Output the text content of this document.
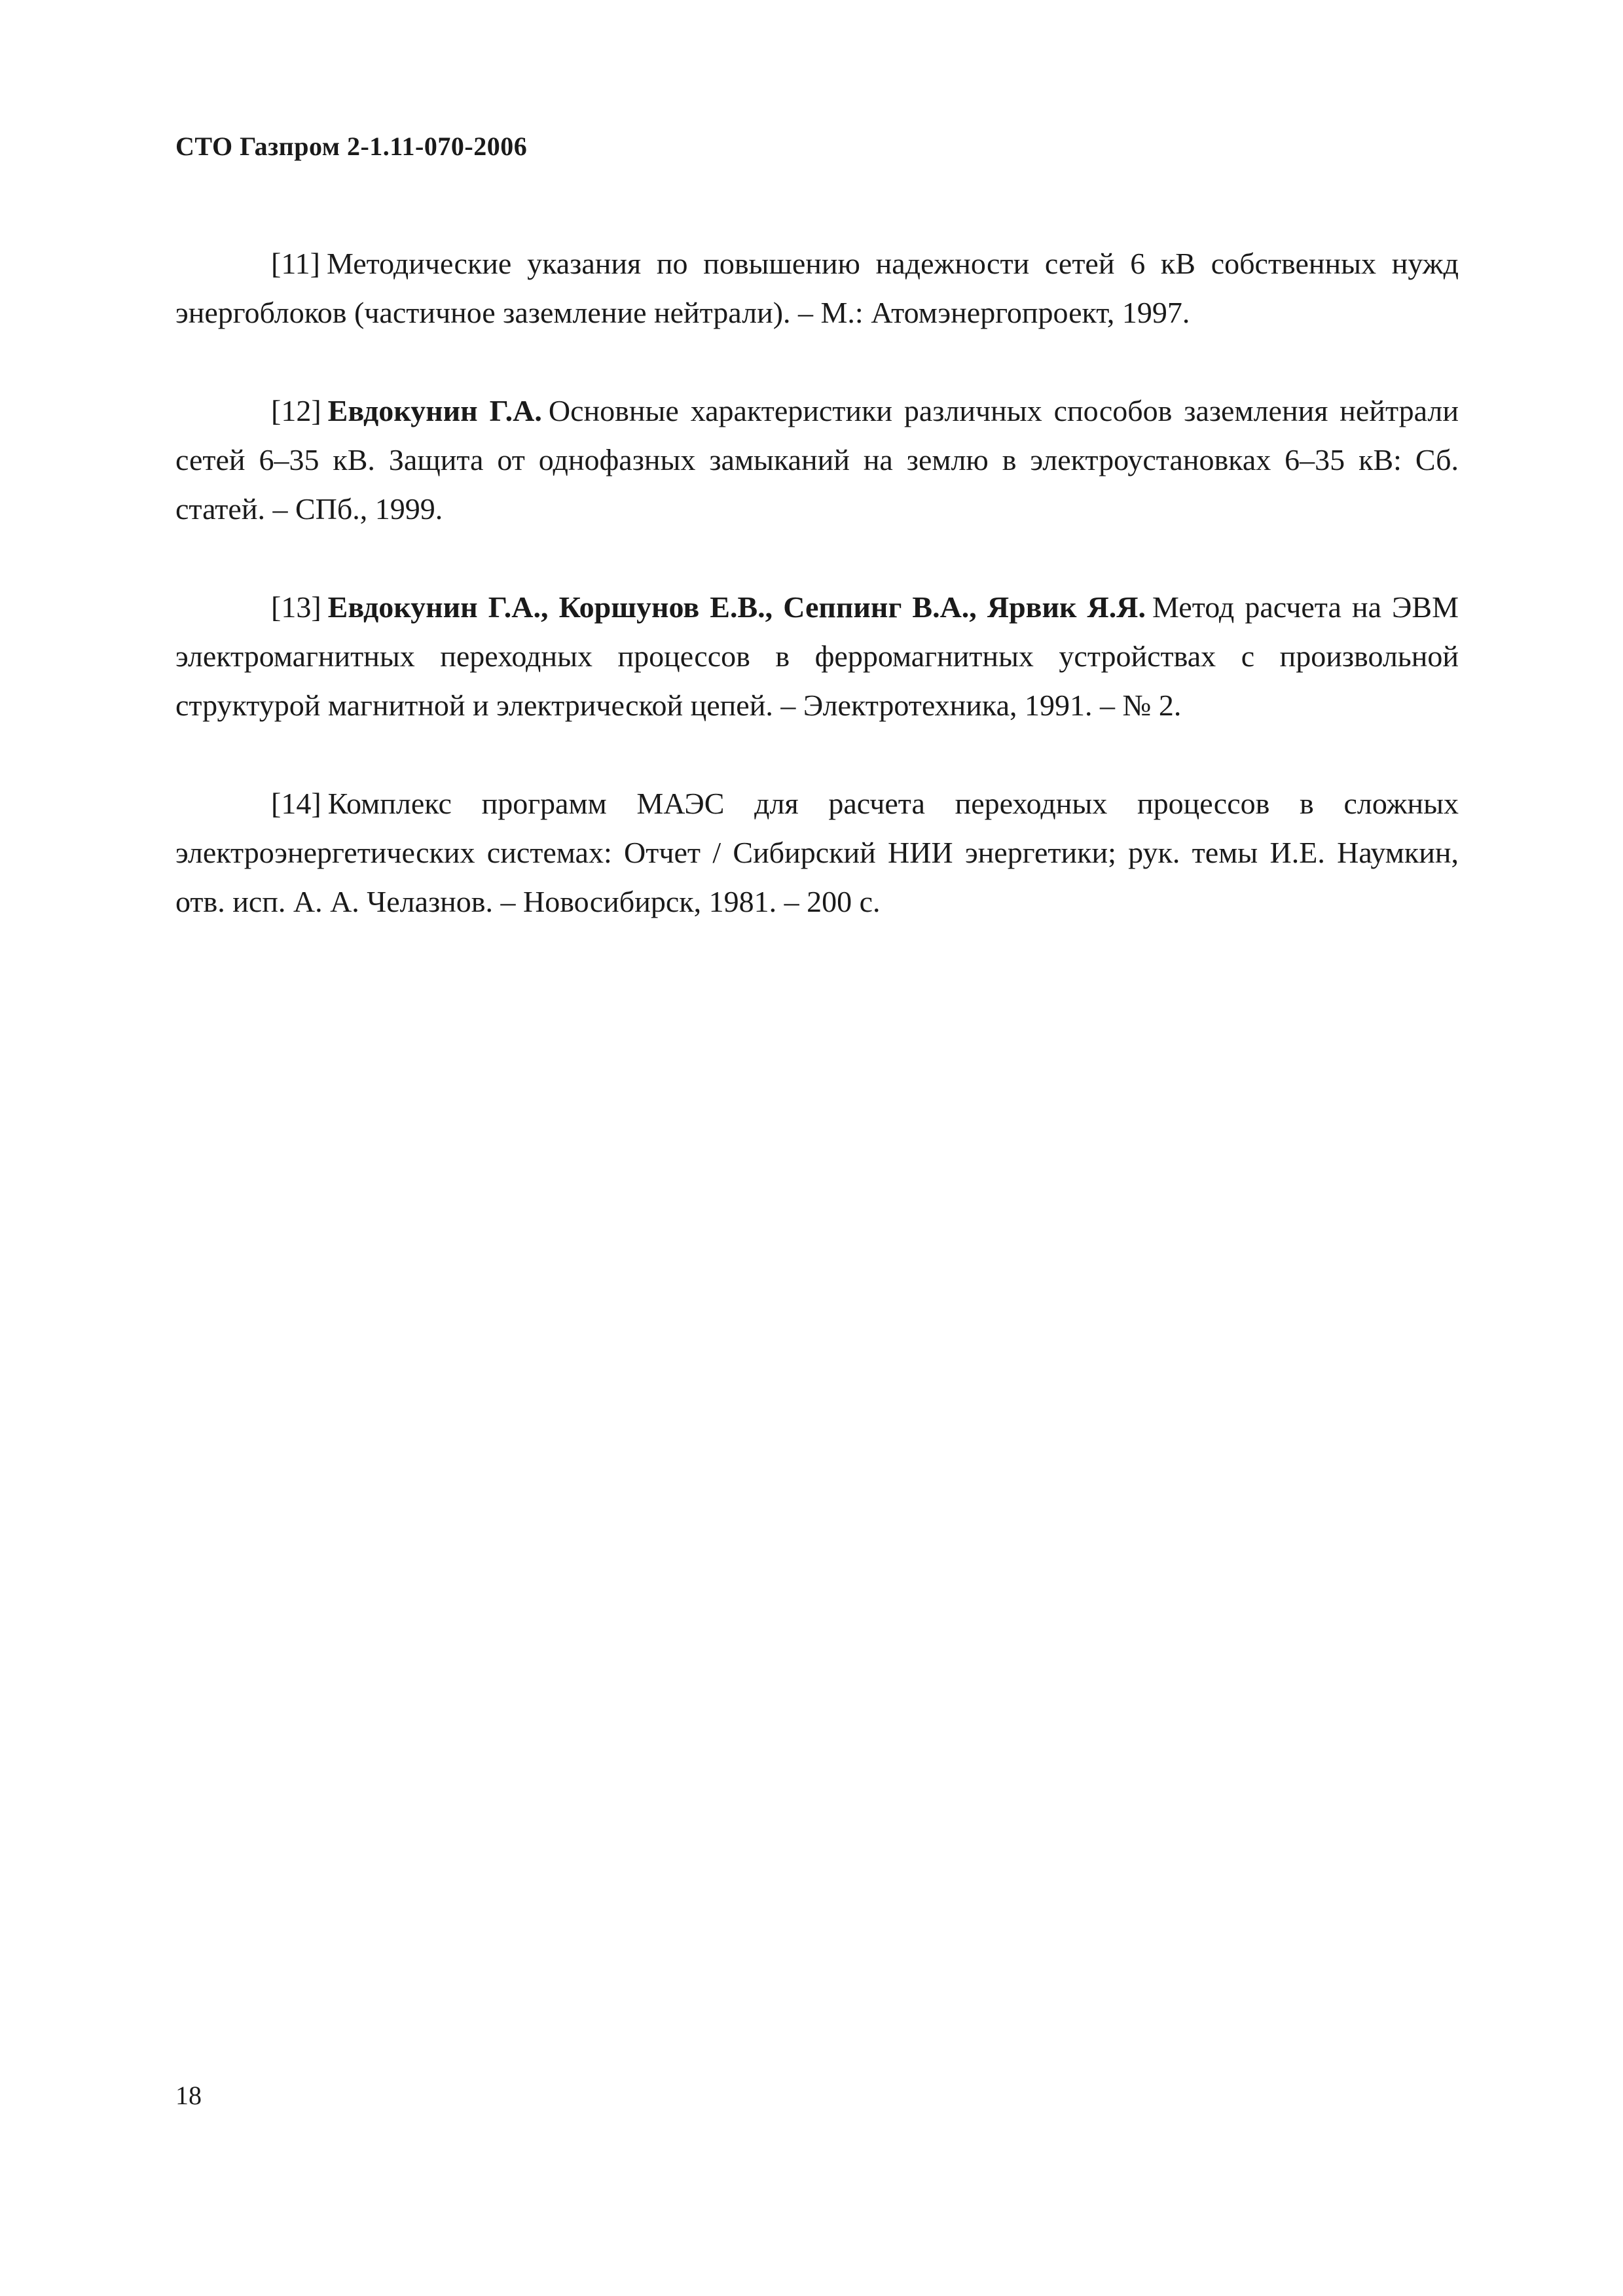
СТО Газпром 2-1.11-070-2006

[11] Методические указания по повышению надежности сетей 6 кВ собственных нужд энергоблоков (частичное заземление нейтрали). – М.: Атомэнергопроект, 1997.

[12] Евдокунин Г.А. Основные характеристики различных способов заземления нейтрали сетей 6–35 кВ. Защита от однофазных замыканий на землю в электроустановках 6–35 кВ: Сб. статей. – СПб., 1999.

[13] Евдокунин Г.А., Коршунов Е.В., Сеппинг В.А., Ярвик Я.Я. Метод расчета на ЭВМ электромагнитных переходных процессов в ферромагнитных устройствах с произвольной структурой магнитной и электрической цепей. – Электротехника, 1991. – № 2.

[14] Комплекс программ МАЭС для расчета переходных процессов в сложных электроэнергетических системах: Отчет / Сибирский НИИ энергетики; рук. темы И.Е. Наумкин, отв. исп. А. А. Челазнов. – Новосибирск, 1981. – 200 с.

18
